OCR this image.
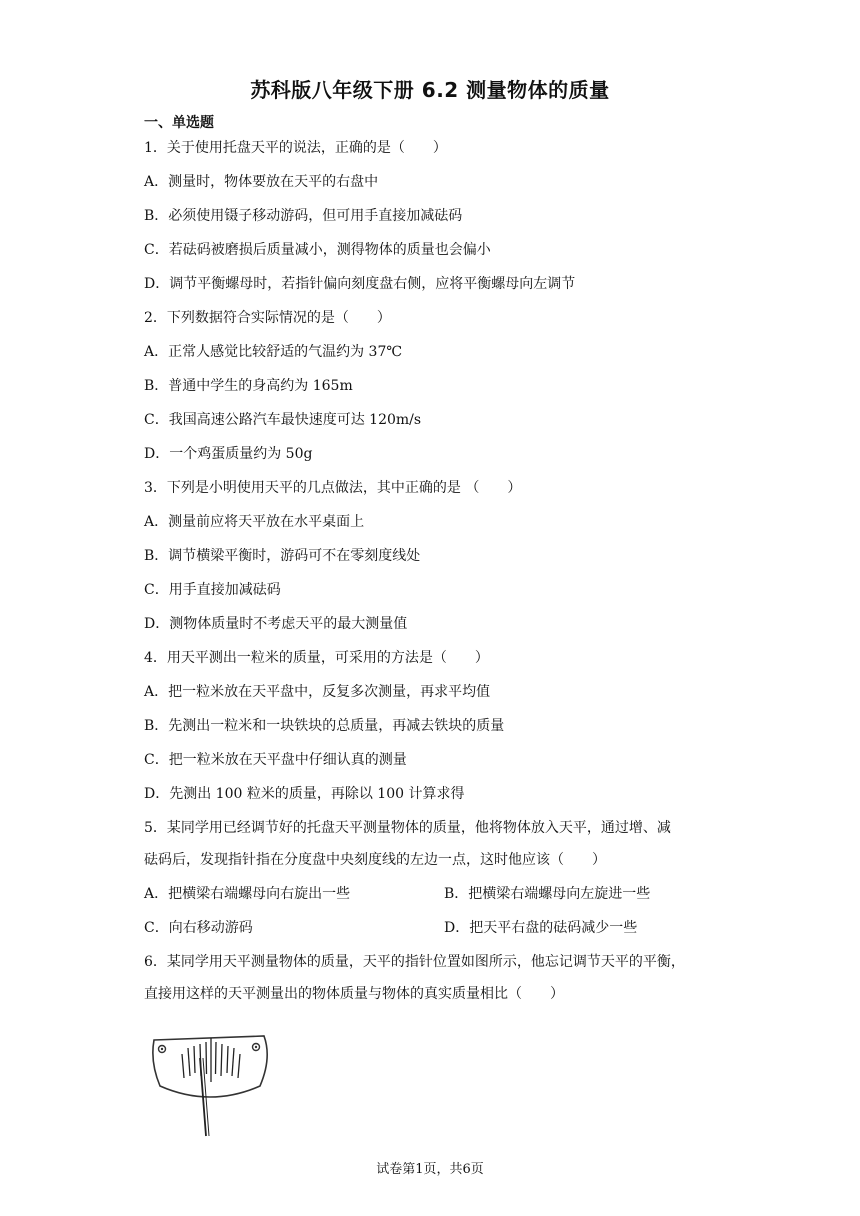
苏科版八年级下册 6.2 测量物体的质量
一、单选题
1．关于使用托盘天平的说法，正确的是（　　）
A．测量时，物体要放在天平的右盘中
B．必须使用镊子移动游码，但可用手直接加减砝码
C．若砝码被磨损后质量减小，测得物体的质量也会偏小
D．调节平衡螺母时，若指针偏向刻度盘右侧，应将平衡螺母向左调节
2．下列数据符合实际情况的是（　　）
A．正常人感觉比较舒适的气温约为 37℃
B．普通中学生的身高约为 165m
C．我国高速公路汽车最快速度可达 120m/s
D．一个鸡蛋质量约为 50g
3．下列是小明使用天平的几点做法，其中正确的是 （　　）
A．测量前应将天平放在水平桌面上
B．调节横梁平衡时，游码可不在零刻度线处
C．用手直接加减砝码
D．测物体质量时不考虑天平的最大测量值
4．用天平测出一粒米的质量，可采用的方法是（　　）
A．把一粒米放在天平盘中，反复多次测量，再求平均值
B．先测出一粒米和一块铁块的总质量，再减去铁块的质量
C．把一粒米放在天平盘中仔细认真的测量
D．先测出 100 粒米的质量，再除以 100 计算求得
5．某同学用已经调节好的托盘天平测量物体的质量，他将物体放入天平，通过增、减
砝码后，发现指针指在分度盘中央刻度线的左边一点，这时他应该（　　）
A．把横梁右端螺母向右旋出一些	B．把横梁右端螺母向左旋进一些
C．向右移动游码	D．把天平右盘的砝码减少一些
6．某同学用天平测量物体的质量，天平的指针位置如图所示，他忘记调节天平的平衡，
直接用这样的天平测量出的物体质量与物体的真实质量相比（　　）
试卷第1页，共6页
